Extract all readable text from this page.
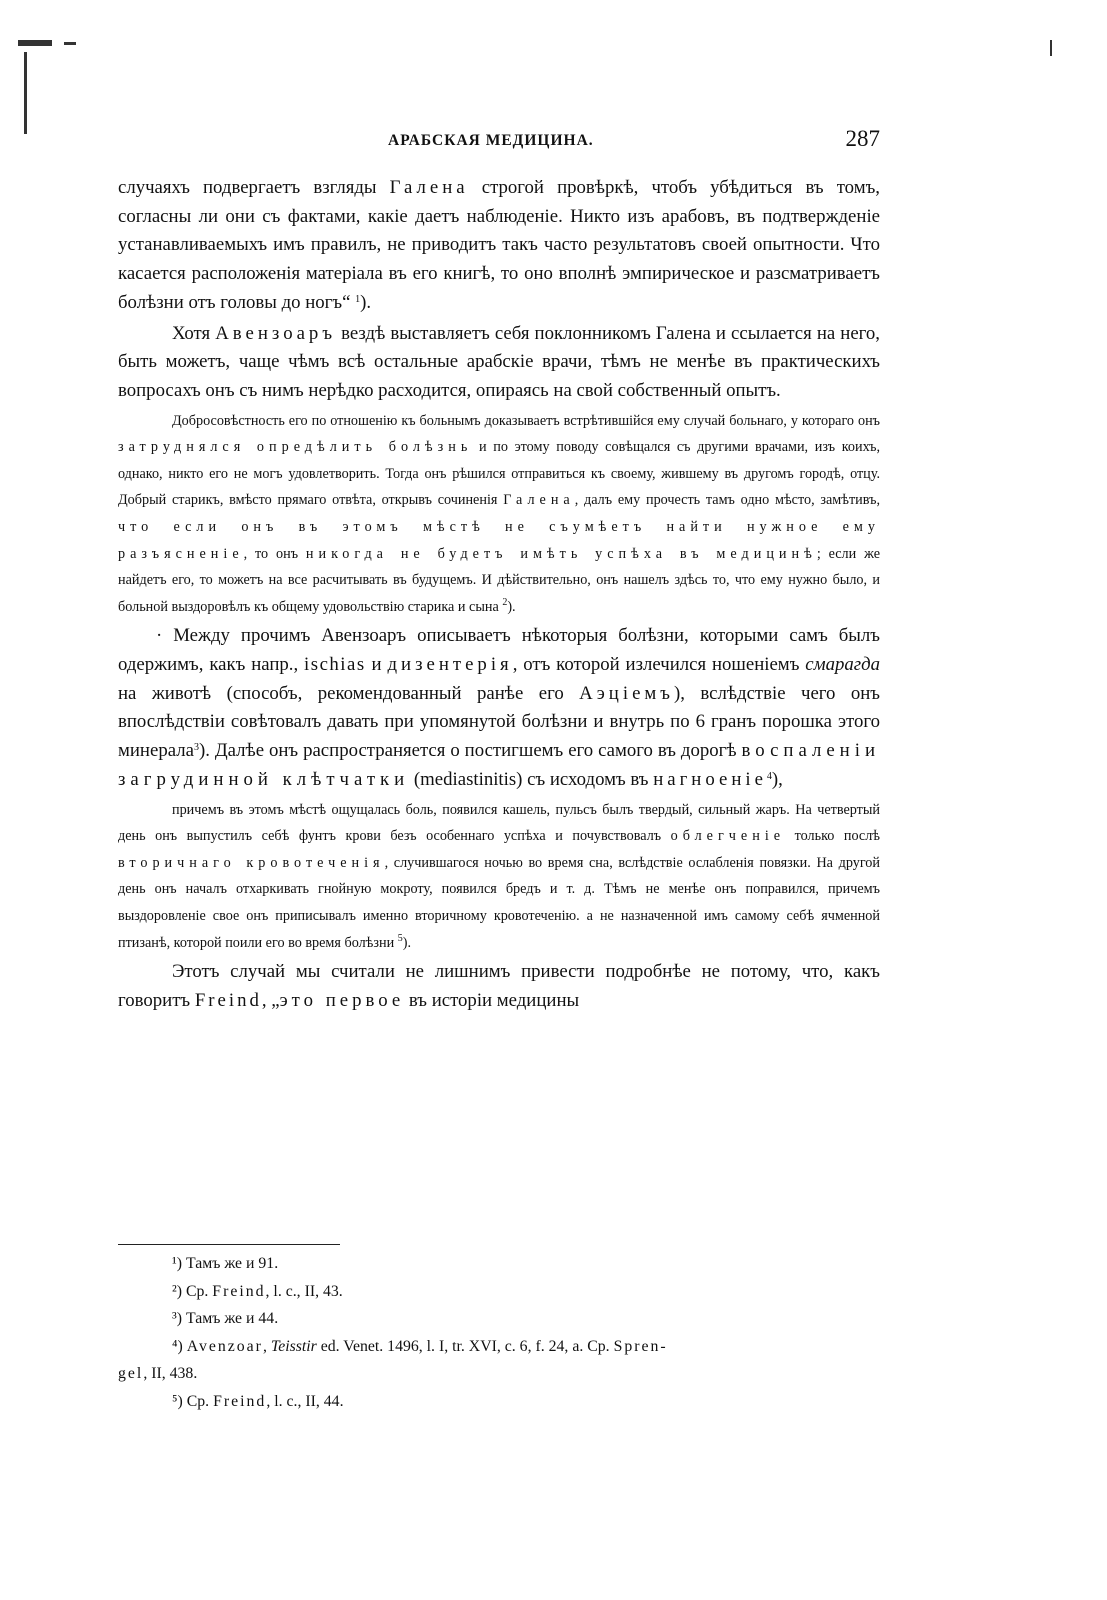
АРАБСКАЯ МЕДИЦИНА.	287

случаяхъ подвергаетъ взгляды Галена строгой провѣркѣ, чтобъ убѣдиться въ томъ, согласны ли они съ фактами, какіе даетъ наблюденіе. Никто изъ арабовъ, въ подтвержденіе устанавливаемыхъ имъ правилъ, не приводитъ такъ часто результатовъ своей опытности. Что касается расположенія матеріала въ его книгѣ, то оно вполнѣ эмпирическое и разсматриваетъ болѣзни отъ головы до ногъ“ $^1$).

Хотя Авензоаръ вездѣ выставляетъ себя поклонникомъ Галена и ссылается на него, быть можетъ, чаще чѣмъ всѣ остальные арабскіе врачи, тѣмъ не менѣе въ практическихъ вопросахъ онъ съ нимъ нерѣдко расходится, опираясь на свой собственный опытъ.

Добросовѣстность его по отношенію къ больнымъ доказываетъ встрѣтившійся ему случай больнаго, у котораго онъ затруднялся опредѣлить болѣзнь и по этому поводу совѣщался съ другими врачами, изъ коихъ, однако, никто его не могъ удовлетворить. Тогда онъ рѣшился отправиться къ своему, жившему въ другомъ городѣ, отцу. Добрый старикъ, вмѣсто прямаго отвѣта, открывъ сочиненія Галена, далъ ему прочесть тамъ одно мѣсто, замѣтивъ, что если онъ въ этомъ мѣстѣ не съумѣетъ найти нужное ему разъясненіе, то онъ никогда не будетъ имѣть успѣха въ медицинѣ; если же найдетъ его, то можетъ на все расчитывать въ будущемъ. И дѣйствительно, онъ нашелъ здѣсь то, что ему нужно было, и больной выздоровѣлъ къ общему удовольствію старика и сына $^2$).

· Между прочимъ Авензоаръ описываетъ нѣкоторыя болѣзни, которыми самъ былъ одержимъ, какъ напр., ischias и дизентерія, отъ которой излечился ношеніемъ смарагда на животѣ (способъ, рекомендованный ранѣе его Аэціемъ), вслѣдствіе чего онъ впослѣдствіи совѣтовалъ давать при упомянутой болѣзни и внутрь по 6 гранъ порошка этого минерала$^3$). Далѣе онъ распространяется о постигшемъ его самого въ дорогѣ воспаленіи загрудинной клѣтчатки (mediastinitis) съ исходомъ въ нагноеніе$^4$),

причемъ въ этомъ мѣстѣ ощущалась боль, появился кашель, пульсъ былъ твердый, сильный жаръ. На четвертый день онъ выпустилъ себѣ фунтъ крови безъ особеннаго успѣха и почувствовалъ облегченіе только послѣ вторичнаго кровотеченія, случившагося ночью во время сна, вслѣдствіе ослабленія повязки. На другой день онъ началъ отхаркивать гнойную мокроту, появился бредъ и т. д. Тѣмъ не менѣе онъ поправился, причемъ выздоровленіе свое онъ приписывалъ именно вторичному кровотеченію. а не назначенной имъ самому себѣ ячменной птизанѣ, которой поили его во время болѣзни $^5$).

Этотъ случай мы считали не лишнимъ привести подробнѣе не потому, что, какъ говоритъ Freind, „это первое въ исторіи медицины

¹) Тамъ же и 91.

²) Ср. Freind, l. c., II, 43.

³) Тамъ же и 44.

⁴) Avenzoar, Teisstir ed. Venet. 1496, l. I, tr. XVI, c. 6, f. 24, a. Ср. Spren-
gel, II, 438.

⁵) Ср. Freind, l. c., II, 44.
